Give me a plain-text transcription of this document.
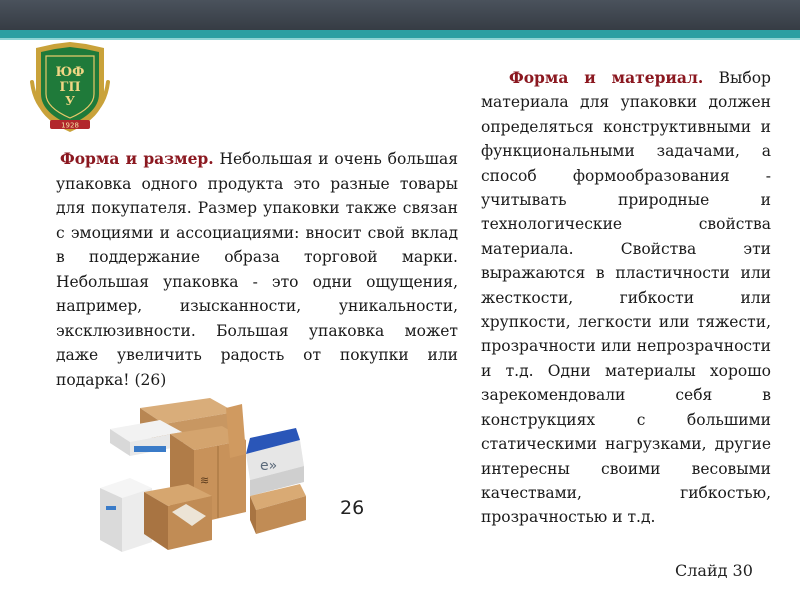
ЮФ
ГП
У
1928
Форма и размер. Небольшая и очень большая упаковка одного продукта это разные товары для покупателя. Размер упаковки также связан с эмоциями и ассоциациями: вносит свой вклад в поддержание образа торговой марки. Небольшая упаковка - это одни ощущения, например, изысканности, уникальности, эксклюзивности. Большая упаковка может даже увеличить радость от покупки или подарка! (26)
Форма и материал. Выбор материала для упаковки должен определяться конструктивными и функциональными задачами, а способ формообразования - учитывать природные и технологические свойства материала. Свойства эти выражаются в пластичности или жесткости, гибкости или хрупкости, легкости или тяжести, прозрачности или непрозрачности и т.д. Одни материалы хорошо зарекомендовали себя в конструкциях с большими статическими нагрузками, другие интересны своими весовыми качествами, гибкостью, прозрачностью и т.д.
≋
e»
26
Слайд 30
